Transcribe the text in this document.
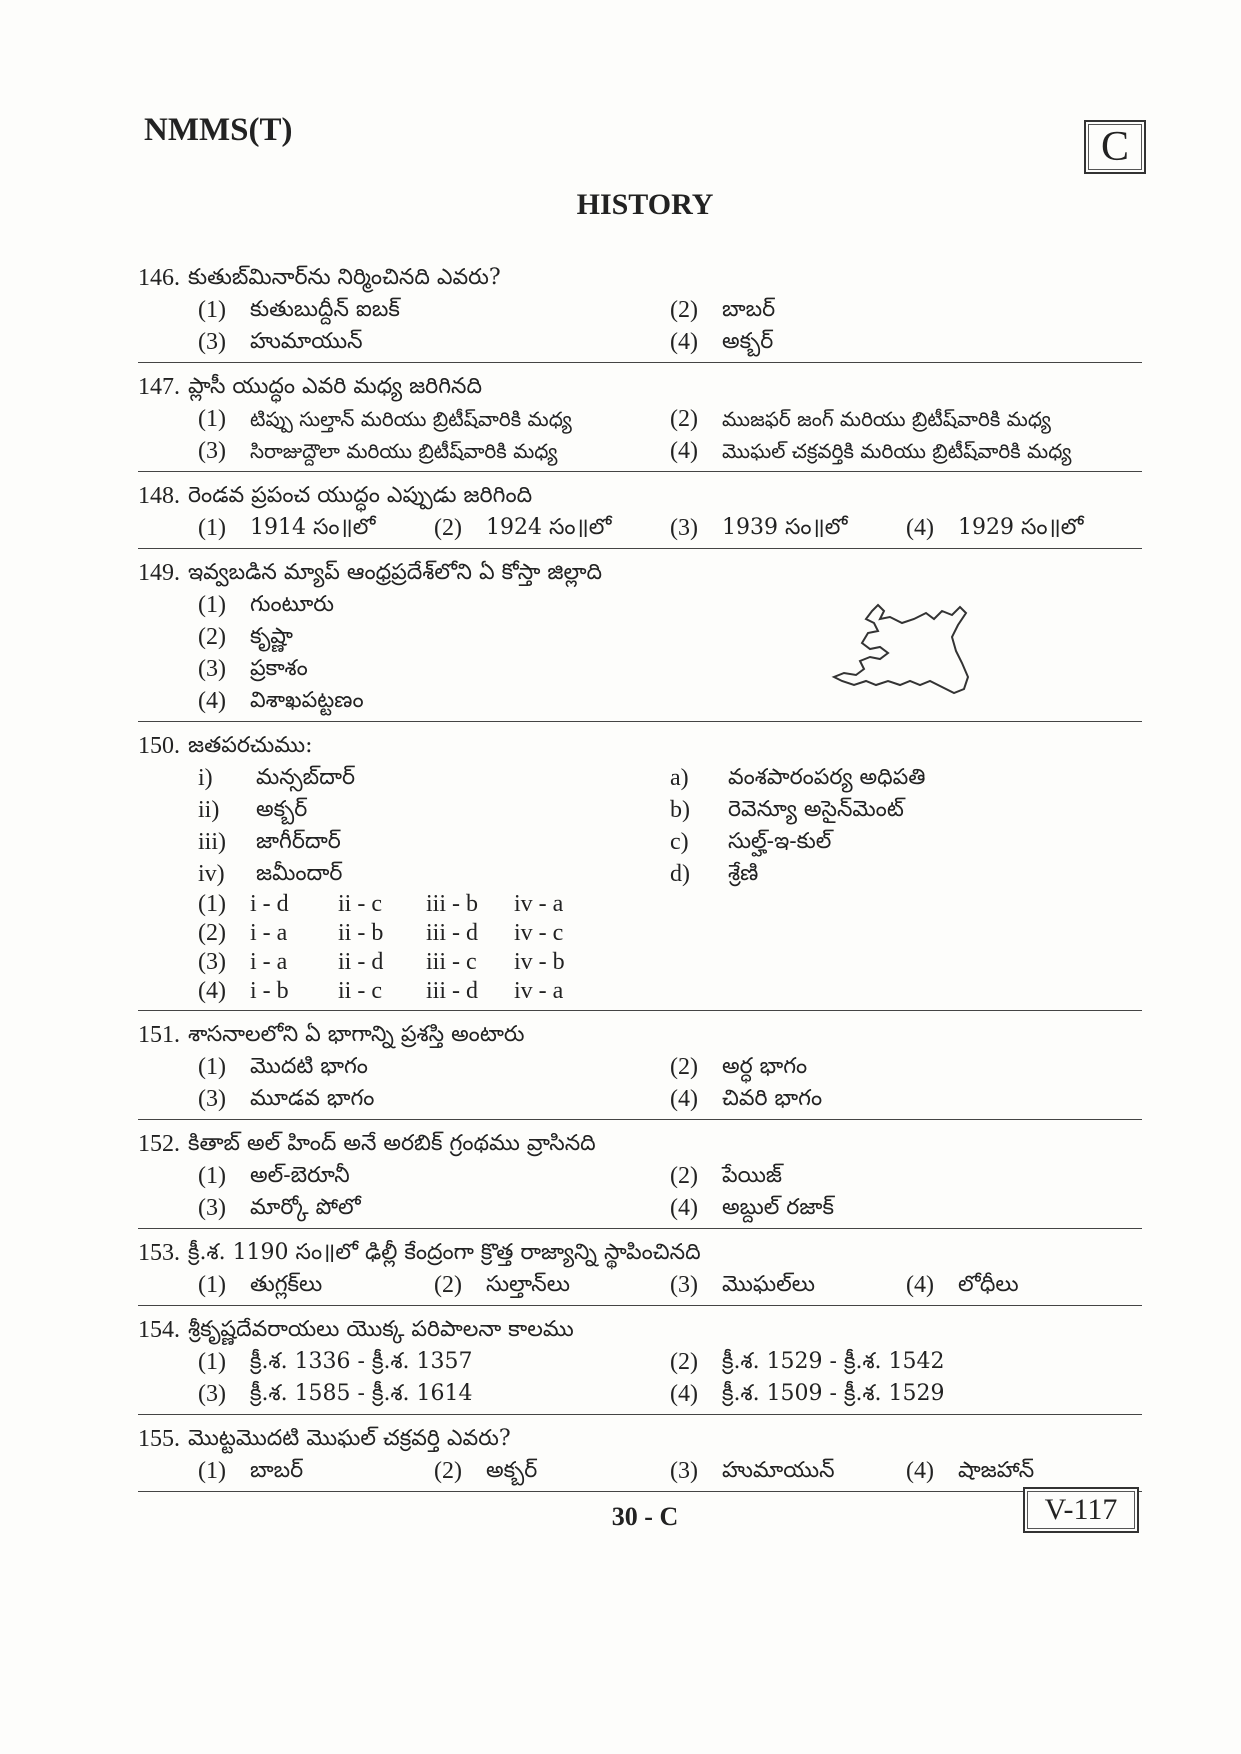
NMMS(T)	C
HISTORY
146. కుతుబ్‌మినార్‌ను నిర్మించినది ఎవరు?
(1)	కుతుబుద్దీన్ ఐబక్	(2)	బాబర్
(3)	హుమాయున్	(4)	అక్బర్
147. ప్లాసీ యుద్ధం ఎవరి మధ్య జరిగినది
(1)	టిప్పు సుల్తాన్ మరియు బ్రిటీష్‌వారికి మధ్య	(2)	ముజఫర్ జంగ్ మరియు బ్రిటీష్‌వారికి మధ్య
(3)	సిరాజుద్దౌలా మరియు బ్రిటీష్‌వారికి మధ్య	(4)	మొఘల్ చక్రవర్తికి మరియు బ్రిటీష్‌వారికి మధ్య
148. రెండవ ప్రపంచ యుద్ధం ఎప్పుడు జరిగింది
(1)	1914 సం॥లో (2)	1924 సం॥లో (3)	1939 సం॥లో (4)	1929 సం॥లో
149. ఇవ్వబడిన మ్యాప్ ఆంధ్రప్రదేశ్‌లోని ఏ కోస్తా జిల్లాది
(1)	గుంటూరు
(2)	కృష్ణా
(3)	ప్రకాశం
(4)	విశాఖపట్టణం
150. జతపరచుము:
i)	మన్సబ్‌దార్	a)	వంశపారంపర్య అధిపతి
ii)	అక్బర్	b)	రెవెన్యూ అసైన్‌మెంట్
iii)	జాగీర్‌దార్	c)	సుల్హ్-ఇ-కుల్
iv)	జమీందార్	d)	శ్రేణి
(1)	i - d	ii - c	iii - b	iv - a
(2)	i - a	ii - b	iii - d	iv - c
(3)	i - a	ii - d	iii - c	iv - b
(4)	i - b	ii - c	iii - d	iv - a
151. శాసనాలలోని ఏ భాగాన్ని ప్రశస్తి అంటారు
(1)	మొదటి భాగం	(2)	అర్ధ భాగం
(3)	మూడవ భాగం	(4)	చివరి భాగం
152. కితాబ్ అల్ హింద్ అనే అరబిక్ గ్రంథము వ్రాసినది
(1)	అల్-బెరూనీ	(2)	పేయిజ్
(3)	మార్కో పోలో	(4)	అబ్దుల్ రజాక్
153. క్రీ.శ. 1190 సం॥లో ఢిల్లీ కేంద్రంగా క్రొత్త రాజ్యాన్ని స్థాపించినది
(1)	తుగ్లక్‌లు	(2)	సుల్తాన్‌లు	(3)	మొఘల్‌లు	(4)	లోధీలు
154. శ్రీకృష్ణదేవరాయలు యొక్క పరిపాలనా కాలము
(1)	క్రీ.శ. 1336 - క్రీ.శ. 1357	(2)	క్రీ.శ. 1529 - క్రీ.శ. 1542
(3)	క్రీ.శ. 1585 - క్రీ.శ. 1614	(4)	క్రీ.శ. 1509 - క్రీ.శ. 1529
155. మొట్టమొదటి మొఘల్ చక్రవర్తి ఎవరు?
(1)	బాబర్	(2)	అక్బర్	(3)	హుమాయున్	(4)	షాజహాన్
30 - C	V-117
